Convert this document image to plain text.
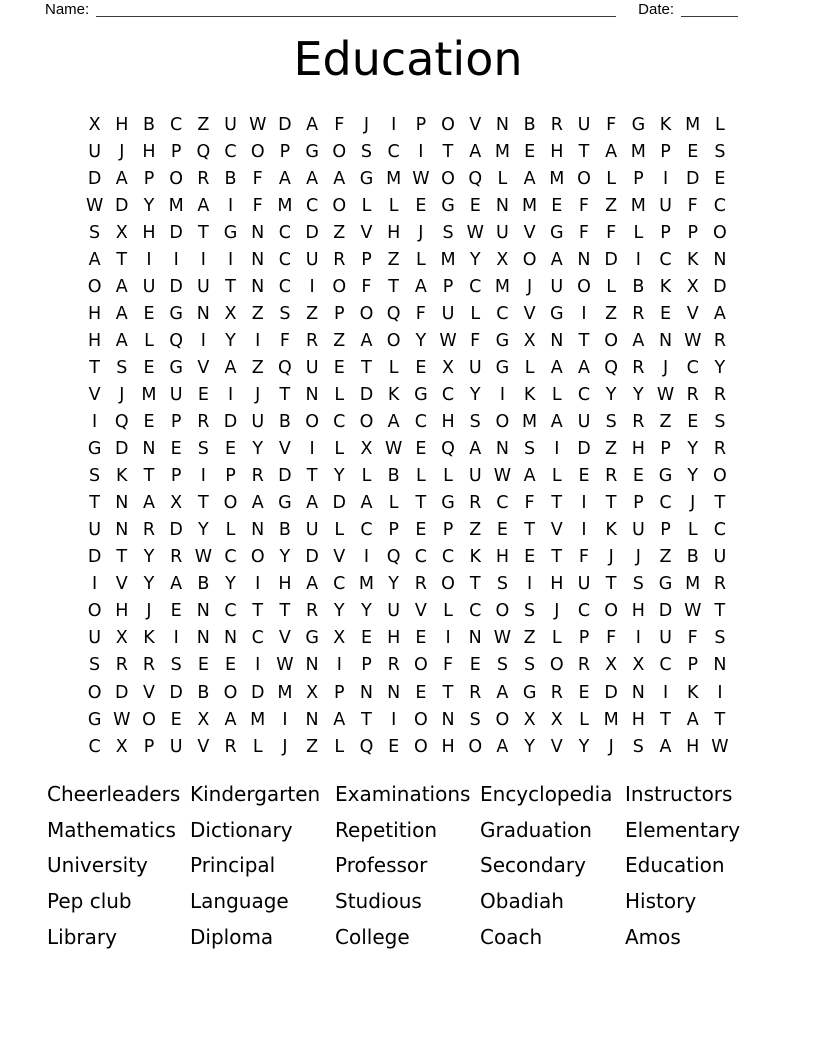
Name:	Date:
Education
X H B C Z U W D A F	J	I	P O V N B R U F G K M L
U	J	H P Q C O P G O S C	I	T A M E H T A M P E S
D A P O R B F A A A G M W O Q L A M O L P	I	D E
W D Y M A	I	F M C O L L E G E N M E F Z M U F C
S X H D T G N C D Z V H	J	S W U V G F F L P P O
A T	I	I	I	I	N C U R P Z L M Y X O A N D	I	C K N
O A U D U T N C	I	O F T A P C M J	U O L B K X D
H A E G N X Z S Z P O Q F U L C V G	I	Z R E V A
H A L Q	I	Y	I	F R Z A O Y W F G X N T O A N W R
T S E G V A Z Q U E T L E X U G L A A Q R	J	C Y
V	J M U E	I	J	T N L D K G C Y	I	K L C Y Y W R R
I	Q E P R D U B O C O A C H S O M A U S R Z E S
G D N E S E Y V	I	L X W E Q A N S	I	D Z H P Y R
S K T P	I	P R D T Y L B L L U W A L E R E G Y O
T N A X T O A G A D A L T G R C F T	I	T P C	J	T
U N R D Y L N B U L C P E P Z E T V	I	K U P L C
D T Y R W C O Y D V	I	Q C C K H E T F	J	J	Z B U
I	V Y A B Y	I	H A C M Y R O T S	I	H U T S G M R
O H	J	E N C T T R Y Y U V L C O S	J	C O H D W T
U X K	I	N N C V G X E H E	I	N W Z L P F	I	U F S
S R R S E E	I W N	I	P R O F E S S O R X X C P N
O D V D B O D M X P N N E T R A G R E D N	I	K	I
G W O E X A M I	N A T	I	O N S O X X L M H T A T
C X P U V R L	J	Z L Q E O H O A Y V Y	J	S A H W
Cheerleaders Kindergarten Examinations Encyclopedia Instructors
Mathematics Dictionary	Repetition	Graduation	Elementary
University	Principal	Professor	Secondary	Education
Pep club	Language	Studious	Obadiah	History
Library	Diploma	College	Coach	Amos
